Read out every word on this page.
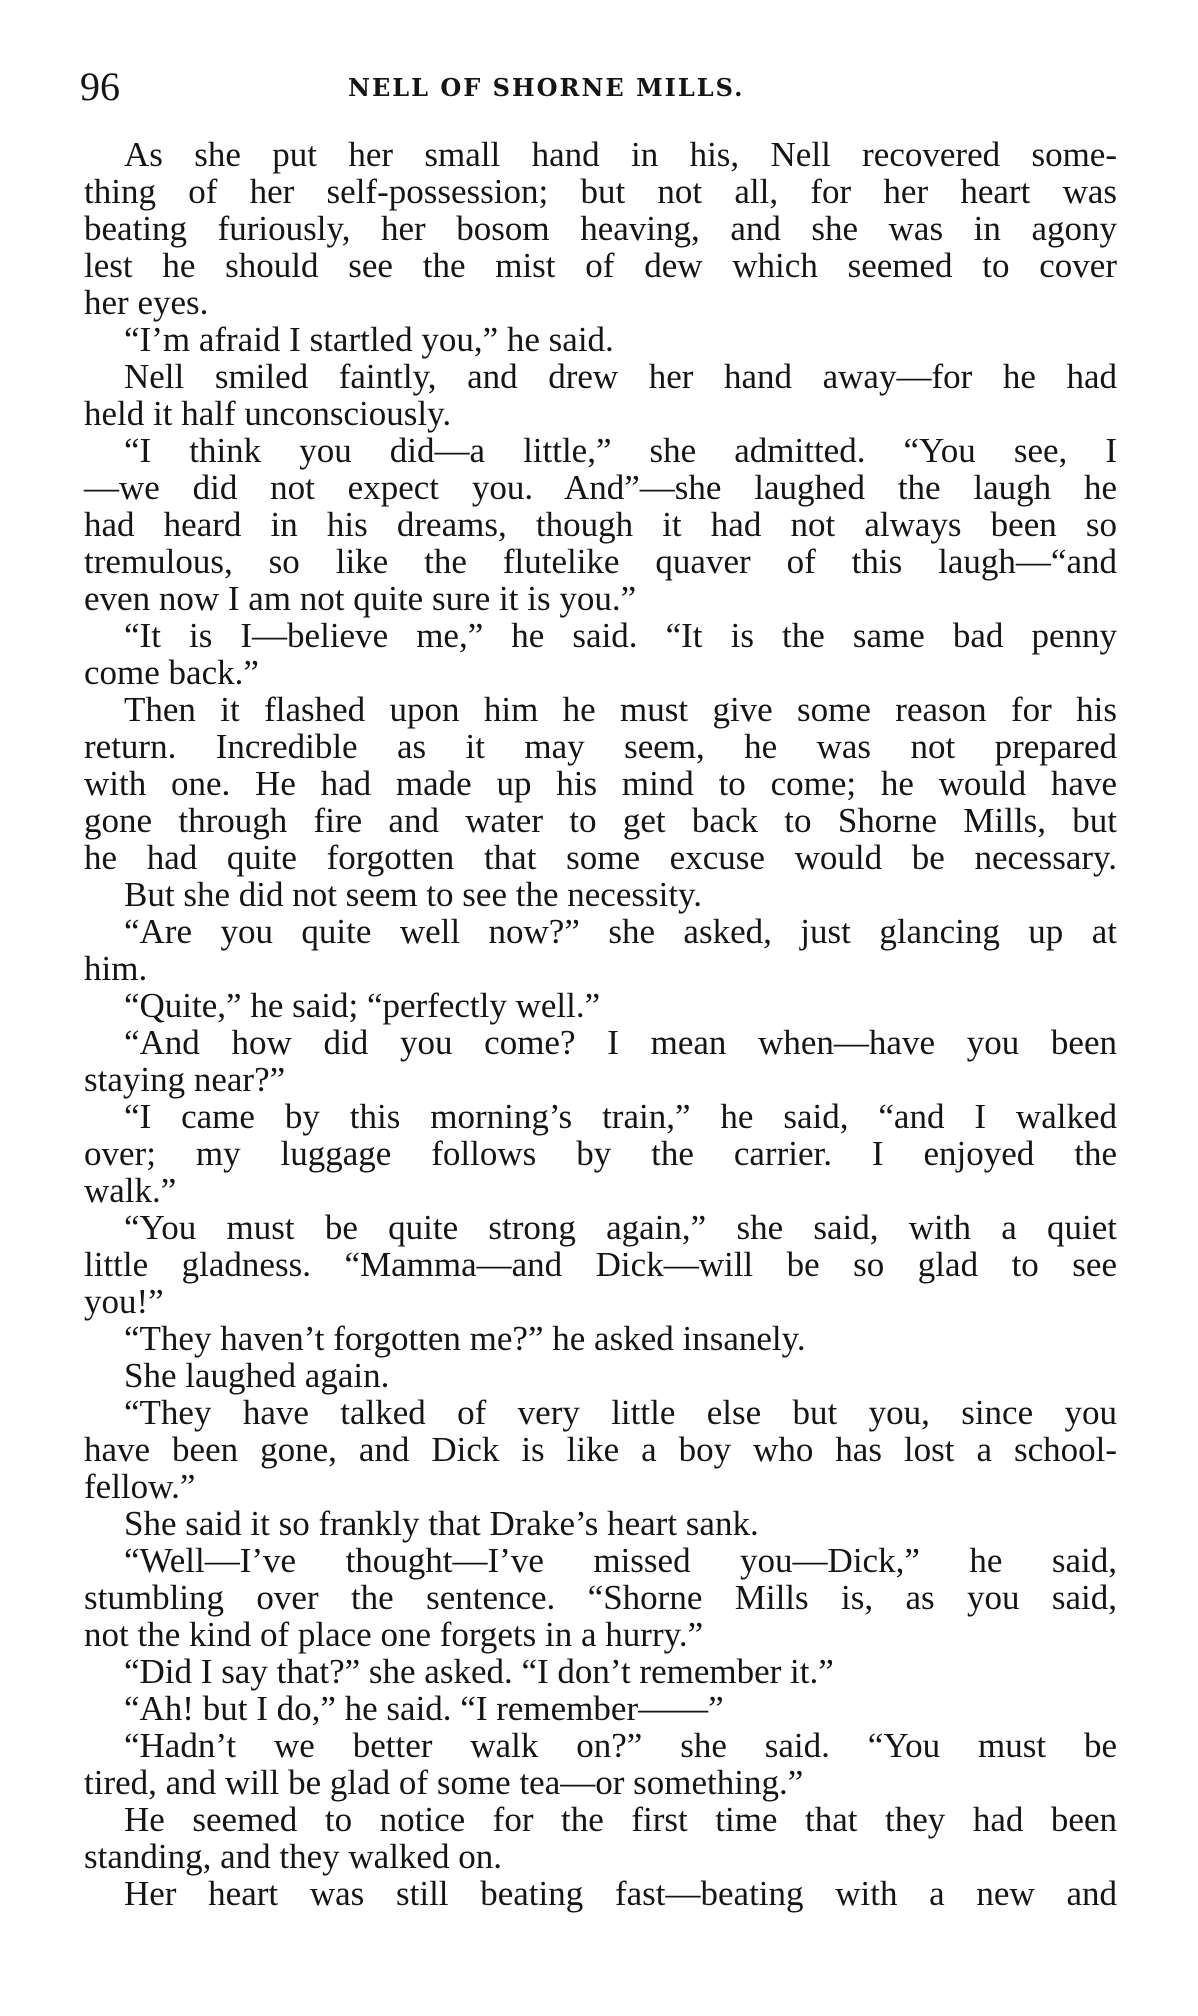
96	NELL OF SHORNE MILLS.
As she put her small hand in his, Nell recovered some-
thing of her self-possession; but not all, for her heart was
beating furiously, her bosom heaving, and she was in agony
lest he should see the mist of dew which seemed to cover
her eyes.
“I’m afraid I startled you,” he said.
Nell smiled faintly, and drew her hand away—for he had
held it half unconsciously.
“I think you did—a little,” she admitted. “You see, I
—we did not expect you. And”—she laughed the laugh he
had heard in his dreams, though it had not always been so
tremulous, so like the flutelike quaver of this laugh—“and
even now I am not quite sure it is you.”
“It is I—believe me,” he said. “It is the same bad penny
come back.”
Then it flashed upon him he must give some reason for his
return. Incredible as it may seem, he was not prepared
with one. He had made up his mind to come; he would have
gone through fire and water to get back to Shorne Mills, but
he had quite forgotten that some excuse would be necessary.
But she did not seem to see the necessity.
“Are you quite well now?” she asked, just glancing up at
him.
“Quite,” he said; “perfectly well.”
“And how did you come? I mean when—have you been
staying near?”
“I came by this morning’s train,” he said, “and I walked
over; my luggage follows by the carrier. I enjoyed the
walk.”
“You must be quite strong again,” she said, with a quiet
little gladness. “Mamma—and Dick—will be so glad to see
you!”
“They haven’t forgotten me?” he asked insanely.
She laughed again.
“They have talked of very little else but you, since you
have been gone, and Dick is like a boy who has lost a school-
fellow.”
She said it so frankly that Drake’s heart sank.
“Well—I’ve thought—I’ve missed you—Dick,” he said,
stumbling over the sentence. “Shorne Mills is, as you said,
not the kind of place one forgets in a hurry.”
“Did I say that?” she asked. “I don’t remember it.”
“Ah! but I do,” he said. “I remember——”
“Hadn’t we better walk on?” she said. “You must be
tired, and will be glad of some tea—or something.”
He seemed to notice for the first time that they had been
standing, and they walked on.
Her heart was still beating fast—beating with a new and
